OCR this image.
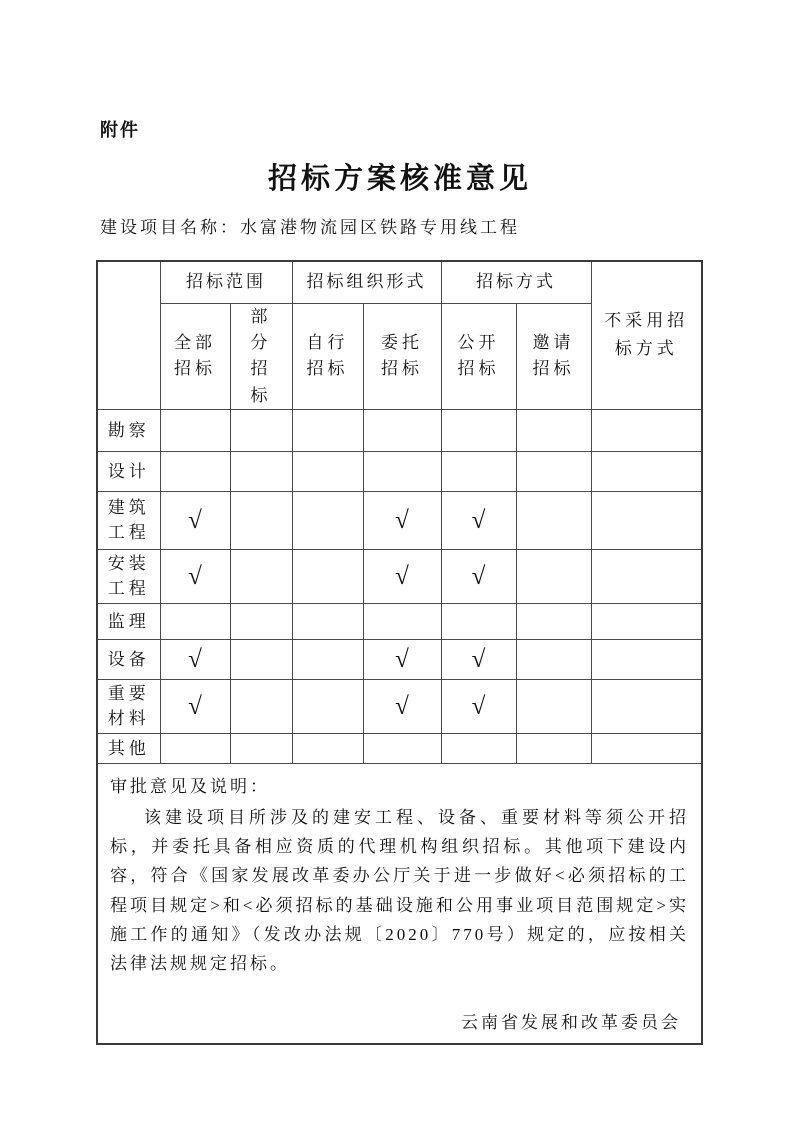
附件
招标方案核准意见
建设项目名称：水富港物流园区铁路专用线工程
	招标范围		招标组织形式		招标方式		不采用招标方式
	全部招标	部分招标	自行招标	委托招标	公开招标	邀请招标	
勘察							
设计							
建筑工程	√			√	√		
安装工程	√			√	√		
监理							
设备	√			√	√		
重要材料	√			√	√		
其他							

审批意见及说明：

该建设项目所涉及的建安工程、设备、重要材料等须公开招标，并委托具备相应资质的代理机构组织招标。其他项下建设内容，符合《国家发展改革委办公厅关于进一步做好<必须招标的工程项目规定>和<必须招标的基础设施和公用事业项目范围规定>实施工作的通知》（发改办法规〔2020〕770号）规定的，应按相关法律法规规定招标。

云南省发展和改革委员会							
